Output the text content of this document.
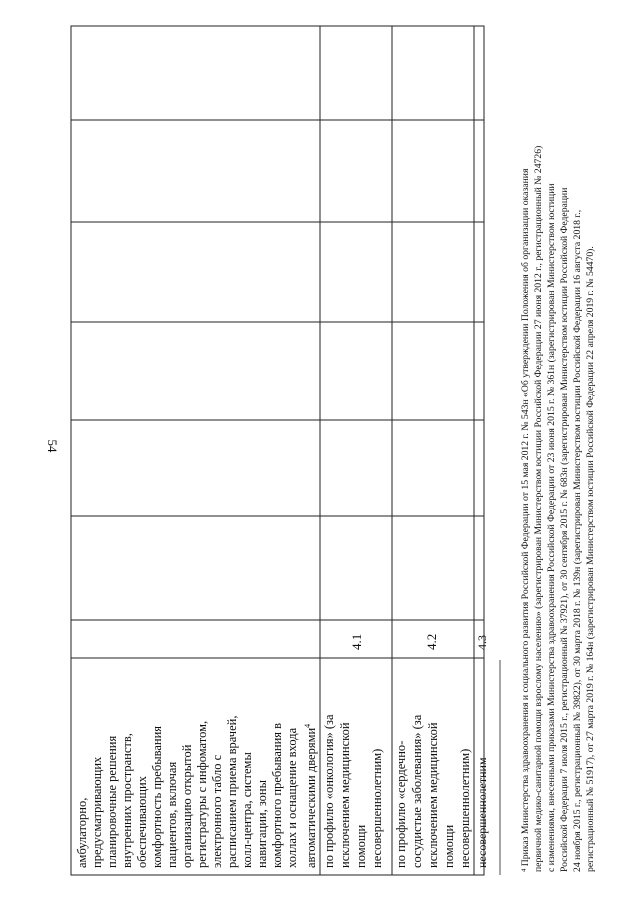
54
амбулаторно, предусматривающих планировочные решения внутренних пространств, обеспечивающих комфортность пребывания пациентов, включая организацию открытой регистратуры с инфоматом, электронного табло с расписанием приема врачей, колл-центра, системы навигации, зоны комфортного пребывания в холлах и оснащение входа автоматическими дверями$^4$ по профилю «онкология» (за исключением медицинской помощи несовершеннолетним)
4.1
по профилю «сердечно- сосудистые заболевания» (за исключением медицинской помощи несовершеннолетним)
4.2
несовершеннолетним
4.3	⁴ Приказ Министерства здравоохранения и социального развития Российской Федерации от 15 мая 2012 г. № 543н «Об утверждении Положения об организации оказания первичной медико-санитарной помощи взрослому населению» (зарегистрирован Министерством юстиции Российской Федерации 27 июня 2012 г., регистрационный № 24726) с изменениями, внесенными приказами Министерства здравоохранения Российской Федерации от 23 июня 2015 г. № 361н (зарегистрирован Министерством юстиции Российской Федерации 7 июля 2015 г., регистрационный № 37921), от 30 сентября 2015 г. № 683н (зарегистрирован Министерством юстиции Российской Федерации 24 ноября 2015 г., регистрационный № 39822), от 30 марта 2018 г. № 139н (зарегистрирован Министерством юстиции Российской Федерации 16 августа 2018 г., регистрационный № 51917), от 27 марта 2019 г. № 164н (зарегистрирован Министерством юстиции Российской Федерации 22 апреля 2019 г. № 54470).
